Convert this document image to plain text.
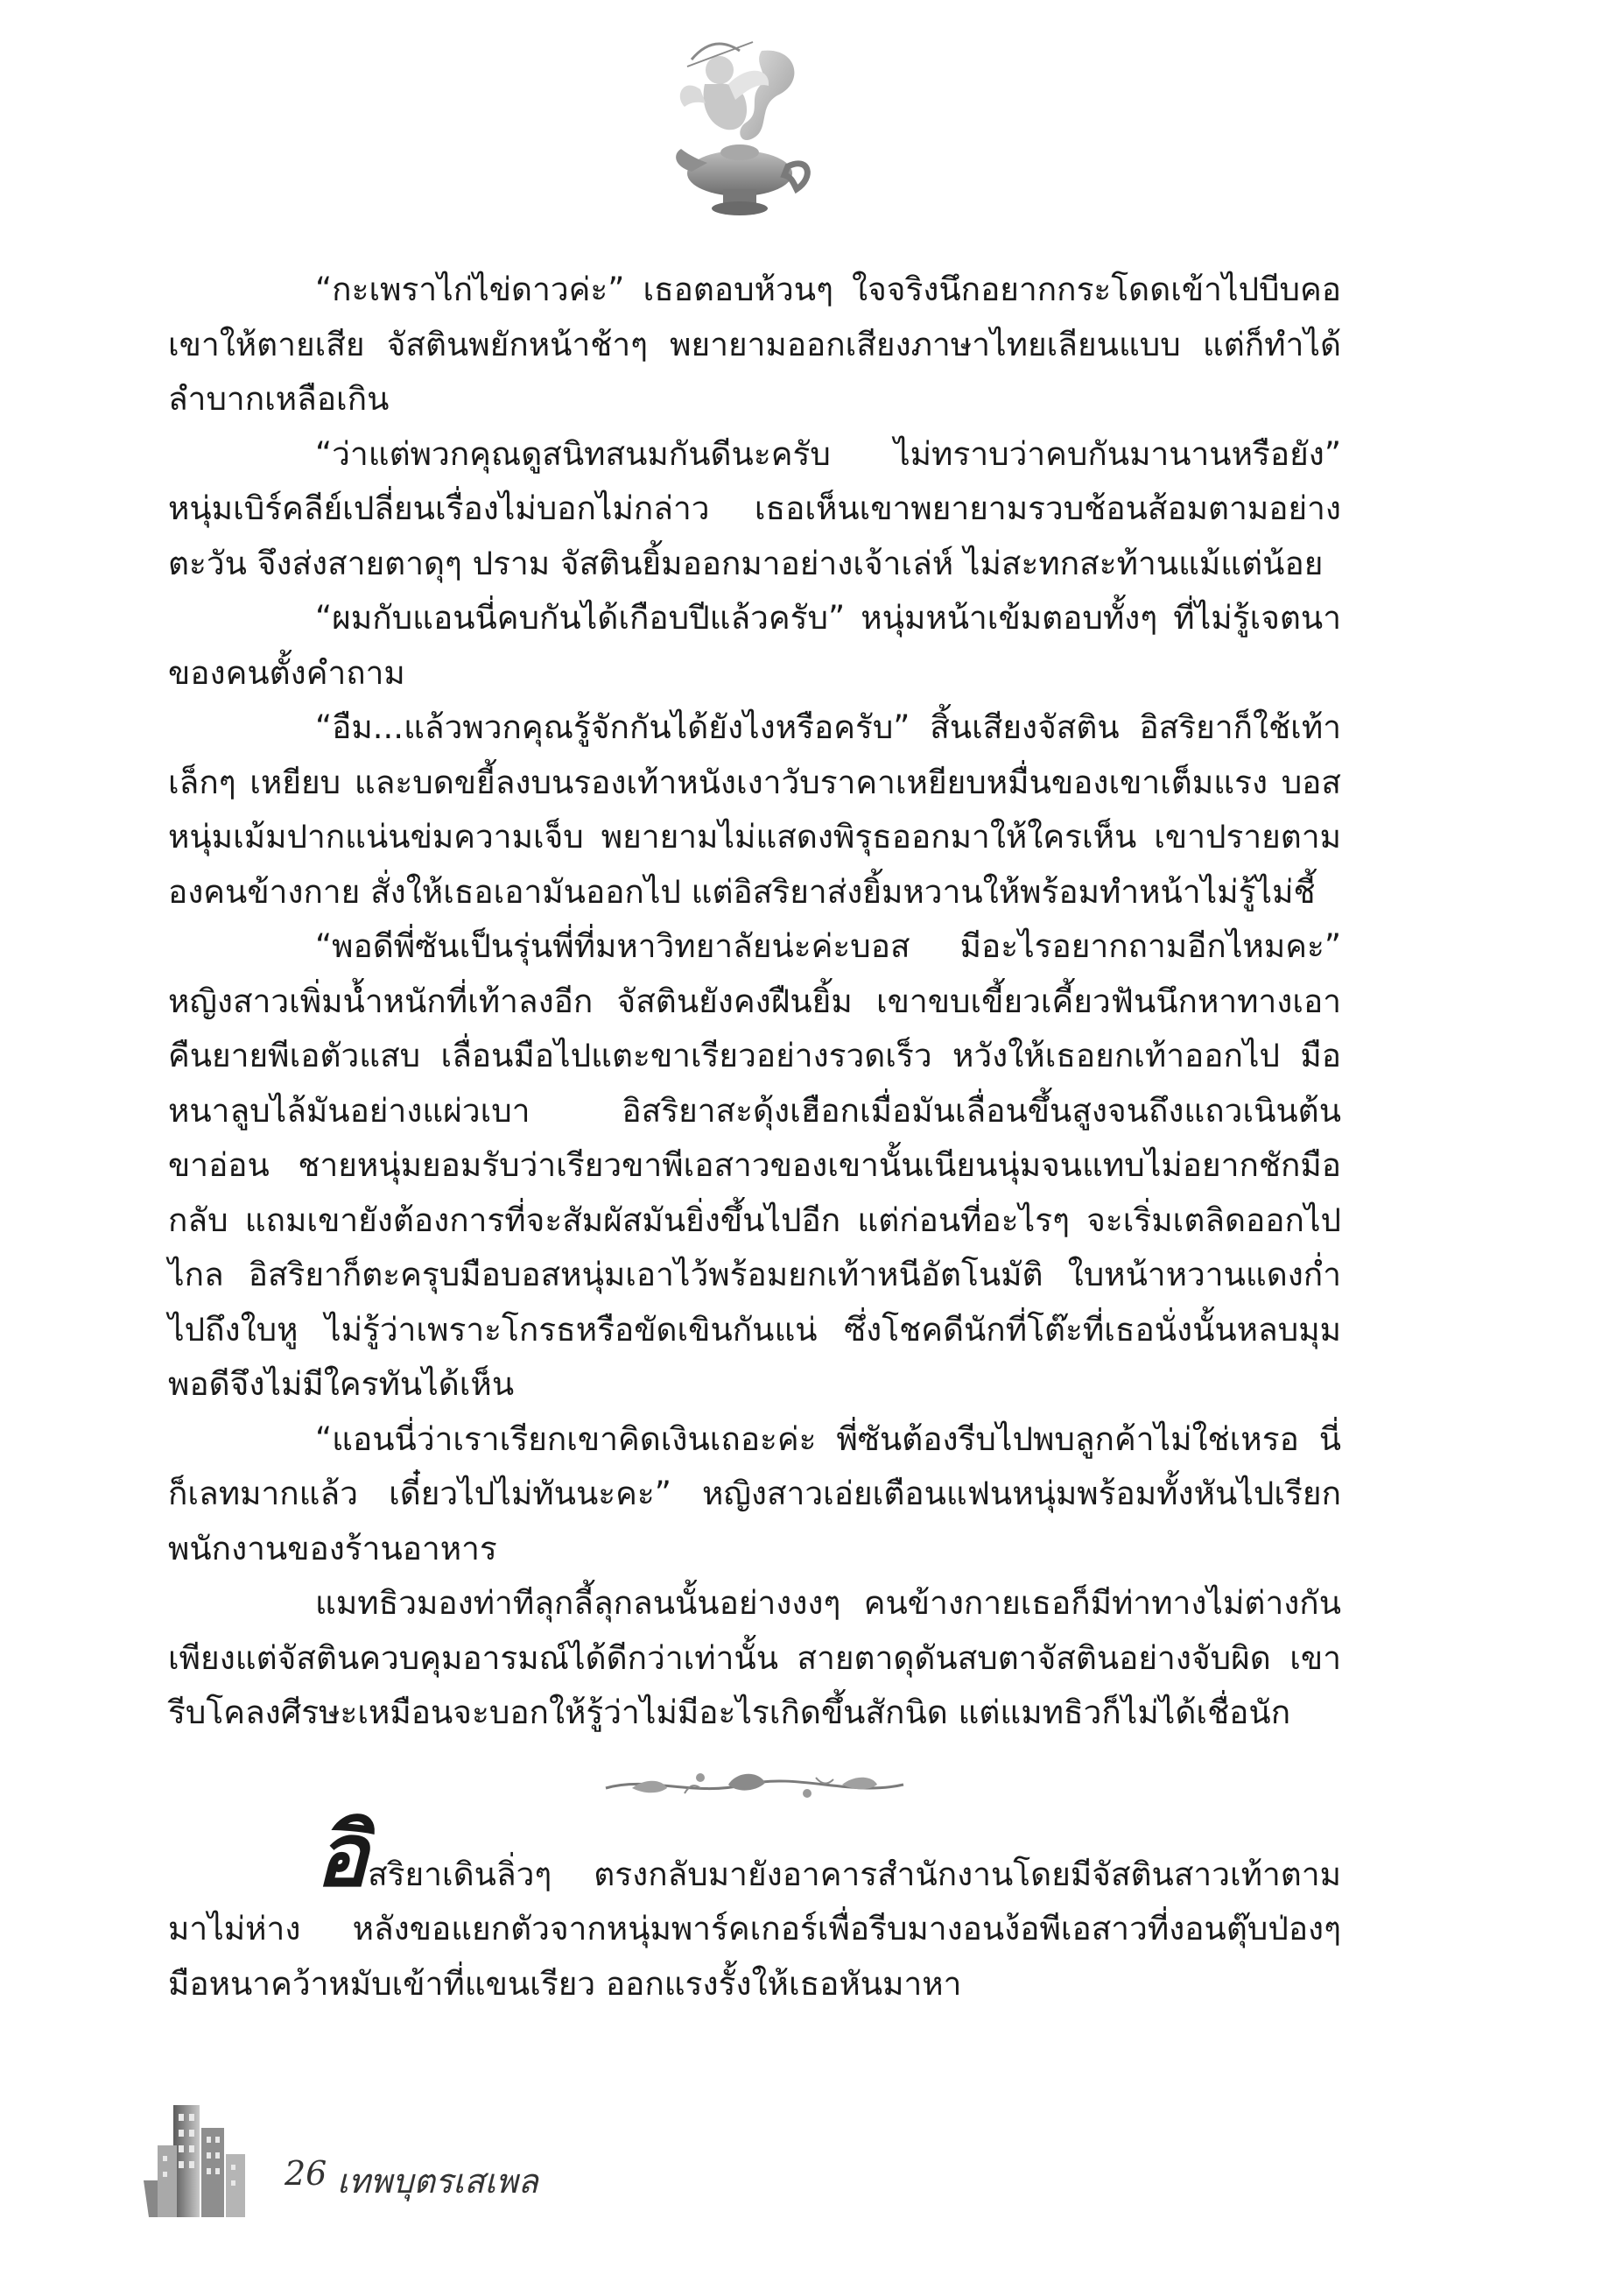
“กะเพราไก่ไข่ดาวค่ะ” เธอตอบห้วนๆ ใจจริงนึกอยากกระโดดเข้าไปบีบคอเขาให้ตายเสีย จัสตินพยักหน้าช้าๆ พยายามออกเสียงภาษาไทยเลียนแบบ แต่ก็ทำได้ลำบากเหลือเกิน

“ว่าแต่พวกคุณดูสนิทสนมกันดีนะครับ ไม่ทราบว่าคบกันมานานหรือยัง” หนุ่มเบิร์คลีย์เปลี่ยนเรื่องไม่บอกไม่กล่าว เธอเห็นเขาพยายามรวบช้อนส้อมตามอย่างตะวัน จึงส่งสายตาดุๆ ปราม จัสตินยิ้มออกมาอย่างเจ้าเล่ห์ ไม่สะทกสะท้านแม้แต่น้อย

“ผมกับแอนนี่คบกันได้เกือบปีแล้วครับ” หนุ่มหน้าเข้มตอบทั้งๆ ที่ไม่รู้เจตนาของคนตั้งคำถาม

“อืม...แล้วพวกคุณรู้จักกันได้ยังไงหรือครับ” สิ้นเสียงจัสติน อิสริยาก็ใช้เท้าเล็กๆ เหยียบ และบดขยี้ลงบนรองเท้าหนังเงาวับราคาเหยียบหมื่นของเขาเต็มแรง บอสหนุ่มเม้มปากแน่นข่มความเจ็บ พยายามไม่แสดงพิรุธออกมาให้ใครเห็น เขาปรายตามองคนข้างกาย สั่งให้เธอเอามันออกไป แต่อิสริยาส่งยิ้มหวานให้พร้อมทำหน้าไม่รู้ไม่ชี้

“พอดีพี่ซันเป็นรุ่นพี่ที่มหาวิทยาลัยน่ะค่ะบอส มีอะไรอยากถามอีกไหมคะ” หญิงสาวเพิ่มน้ำหนักที่เท้าลงอีก จัสตินยังคงฝืนยิ้ม เขาขบเขี้ยวเคี้ยวฟันนึกหาทางเอาคืนยายพีเอตัวแสบ เลื่อนมือไปแตะขาเรียวอย่างรวดเร็ว หวังให้เธอยกเท้าออกไป มือหนาลูบไล้มันอย่างแผ่วเบา อิสริยาสะดุ้งเฮือกเมื่อมันเลื่อนขึ้นสูงจนถึงแถวเนินต้นขาอ่อน ชายหนุ่มยอมรับว่าเรียวขาพีเอสาวของเขานั้นเนียนนุ่มจนแทบไม่อยากชักมือกลับ แถมเขายังต้องการที่จะสัมผัสมันยิ่งขึ้นไปอีก แต่ก่อนที่อะไรๆ จะเริ่มเตลิดออกไปไกล อิสริยาก็ตะครุบมือบอสหนุ่มเอาไว้พร้อมยกเท้าหนีอัตโนมัติ ใบหน้าหวานแดงก่ำไปถึงใบหู ไม่รู้ว่าเพราะโกรธหรือขัดเขินกันแน่ ซึ่งโชคดีนักที่โต๊ะที่เธอนั่งนั้นหลบมุมพอดีจึงไม่มีใครทันได้เห็น

“แอนนี่ว่าเราเรียกเขาคิดเงินเถอะค่ะ พี่ซันต้องรีบไปพบลูกค้าไม่ใช่เหรอ นี่ก็เลทมากแล้ว เดี๋ยวไปไม่ทันนะคะ” หญิงสาวเอ่ยเตือนแฟนหนุ่มพร้อมทั้งหันไปเรียกพนักงานของร้านอาหาร

แมทธิวมองท่าทีลุกลี้ลุกลนนั้นอย่างงงๆ คนข้างกายเธอก็มีท่าทางไม่ต่างกัน เพียงแต่จัสตินควบคุมอารมณ์ได้ดีกว่าเท่านั้น สายตาดุดันสบตาจัสตินอย่างจับผิด เขารีบโคลงศีรษะเหมือนจะบอกให้รู้ว่าไม่มีอะไรเกิดขึ้นสักนิด แต่แมทธิวก็ไม่ได้เชื่อนัก

อิสริยาเดินลิ่วๆ ตรงกลับมายังอาคารสำนักงานโดยมีจัสตินสาวเท้าตามมาไม่ห่าง หลังขอแยกตัวจากหนุ่มพาร์คเกอร์เพื่อรีบมางอนง้อพีเอสาวที่งอนตุ๊บป่องๆ มือหนาคว้าหมับเข้าที่แขนเรียว ออกแรงรั้งให้เธอหันมาหา

26 เทพบุตรเสเพล
